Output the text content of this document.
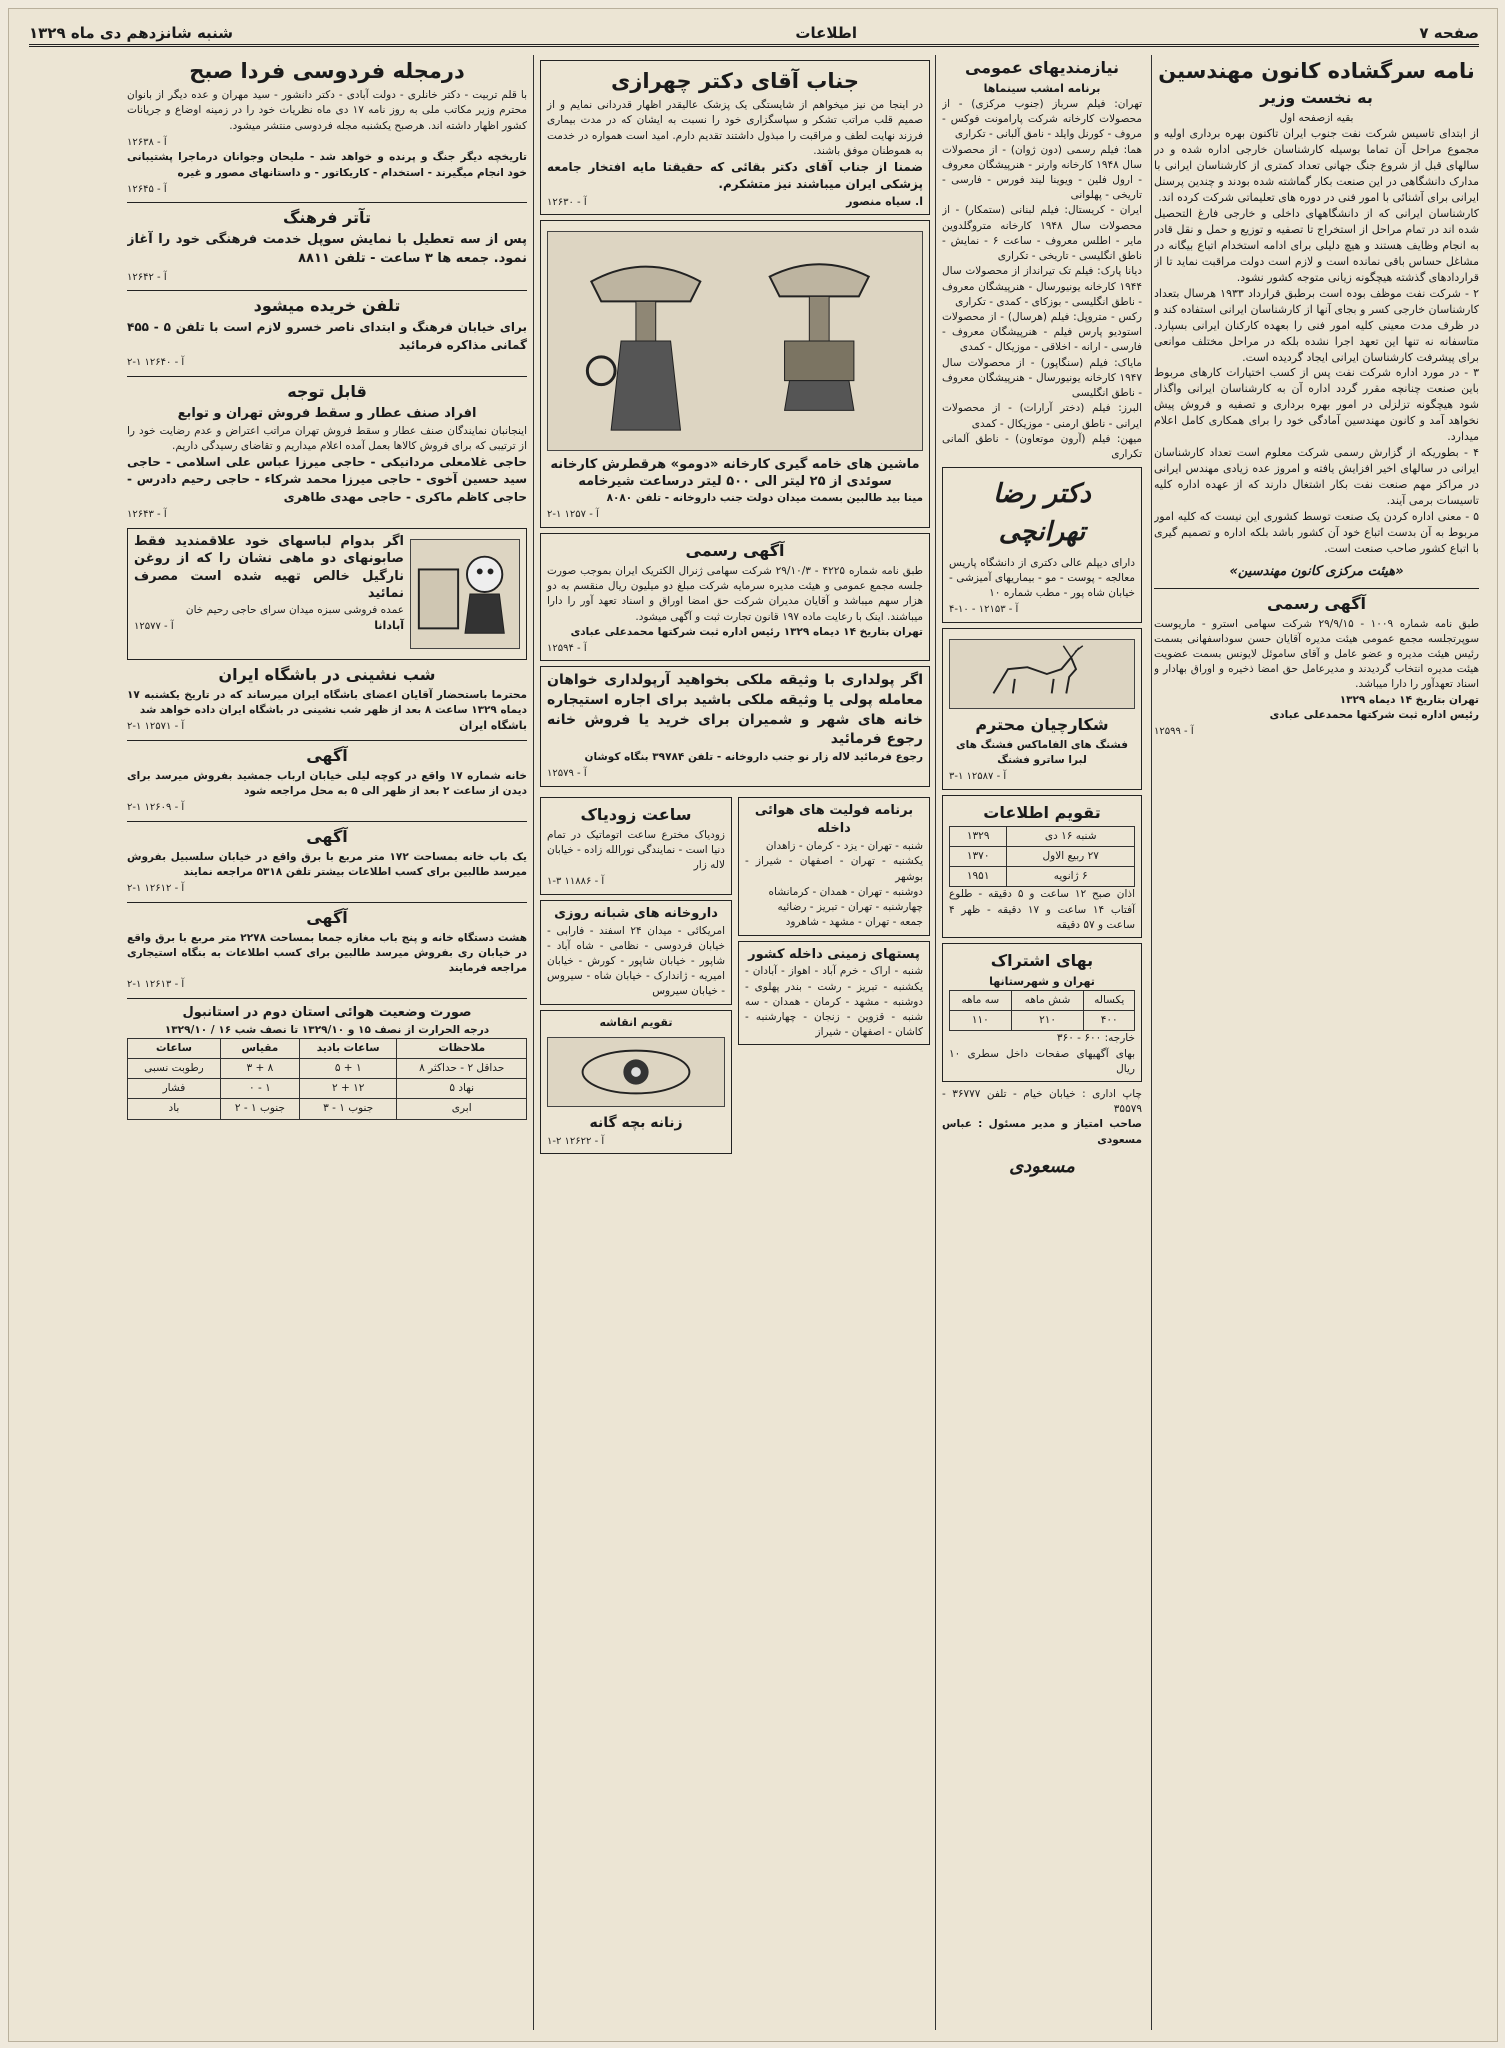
صفحه ۷
اطلاعات
شنبه شانزدهم دی ماه ۱۳۲۹
نامه سرگشاده کانون مهندسین
به نخست وزیر
بقیه ازصفحه اول

از ابتدای تاسیس شرکت نفت جنوب ایران تاکنون بهره برداری اولیه و مجموع مراحل آن تماما بوسیله کارشناسان خارجی اداره شده و در سالهای قبل از شروع جنگ جهانی تعداد کمتری از کارشناسان ایرانی با مدارک دانشگاهی در این صنعت بکار گماشته شده بودند و چندین پرسنل ایرانی برای آشنائی با امور فنی در دوره های تعلیماتی شرکت کرده اند.

کارشناسان ایرانی که از دانشگاههای داخلی و خارجی فارغ التحصیل شده اند در تمام مراحل از استخراج تا تصفیه و توزیع و حمل و نقل قادر به انجام وظایف هستند و هیچ دلیلی برای ادامه استخدام اتباع بیگانه در مشاغل حساس باقی نمانده است و لازم است دولت مراقبت نماید تا از قراردادهای گذشته هیچگونه زیانی متوجه کشور نشود.

۲ - شرکت نفت موظف بوده است برطبق قرارداد ۱۹۳۳ هرسال بتعداد کارشناسان خارجی کسر و بجای آنها از کارشناسان ایرانی استفاده کند و در ظرف مدت معینی کلیه امور فنی را بعهده کارکنان ایرانی بسپارد. متاسفانه نه تنها این تعهد اجرا نشده بلکه در مراحل مختلف موانعی برای پیشرفت کارشناسان ایرانی ایجاد گردیده است.

۳ - در مورد اداره شرکت نفت پس از کسب اختیارات کارهای مربوط باین صنعت چنانچه مقرر گردد اداره آن به کارشناسان ایرانی واگذار شود هیچگونه تزلزلی در امور بهره برداری و تصفیه و فروش پیش نخواهد آمد و کانون مهندسین آمادگی خود را برای همکاری کامل اعلام میدارد.

۴ - بطوریکه از گزارش رسمی شرکت معلوم است تعداد کارشناسان ایرانی در سالهای اخیر افزایش یافته و امروز عده زیادی مهندس ایرانی در مراکز مهم صنعت نفت بکار اشتغال دارند که از عهده اداره کلیه تاسیسات برمی آیند.

۵ - معنی اداره کردن یک صنعت توسط کشوری این نیست که کلیه امور مربوط به آن بدست اتباع خود آن کشور باشد بلکه اداره و تصمیم گیری با اتباع کشور صاحب صنعت است.

«هیئت مرکزی کانون مهندسین»
آگهی رسمی

طبق نامه شماره ۱۰۰۹ - ۲۹/۹/۱۵ شرکت سهامی استرو - ماریوست سوپرتجلسه مجمع عمومی هیئت مدیره آقایان حسن سوداسفهانی بسمت رئیس هیئت مدیره و عضو عامل و آقای ساموئل لایونس بسمت عضویت هیئت مدیره انتخاب گردیدند و مدیرعامل حق امضا ذخیره و اوراق بهادار و اسناد تعهدآور را دارا میباشد.

تهران بتاریخ ۱۴ دیماه ۱۳۲۹

رئیس اداره ثبت شرکتها محمدعلی عبادی

آ - ۱۲۵۹۹
نیازمندیهای عمومی
برنامه امشب سینماها

تهران: فیلم سرباز (جنوب مرکزی) - از محصولات کارخانه شرکت پارامونت فوکس - مروف - کورنل وایلد - نامق آلبانی - تکراری

هما: فیلم رسمی (دون ژوان) - از محصولات سال ۱۹۴۸ کارخانه وارنر - هنرپیشگان معروف - ارول فلین - ویوینا لیند فورس - فارسی - تاریخی - پهلوانی

ایران - کریستال: فیلم لبنانی (ستمکار) - از محصولات سال ۱۹۴۸ کارخانه متروگلدوین مایر - اطلس معروف - ساعت ۶ - نمایش - ناطق انگلیسی - تاریخی - تکراری

دیانا پارک: فیلم تک تیرانداز از محصولات سال ۱۹۴۴ کارخانه یونیورسال - هنرپیشگان معروف - ناطق انگلیسی - بوزکای - کمدی - تکراری

رکس - متروپل: فیلم (هرسال) - از محصولات استودیو پارس فیلم - هنرپیشگان معروف - فارسی - ارانه - اخلاقی - موزیکال - کمدی

مایاک: فیلم (سنگاپور) - از محصولات سال ۱۹۴۷ کارخانه یونیورسال - هنرپیشگان معروف - ناطق انگلیسی

البرز: فیلم (دختر آرارات) - از محصولات ایرانی - ناطق ارمنی - موزیکال - کمدی

میهن: فیلم (آرون موتعاون) - ناطق آلمانی تکراری

دکتر رضا تهرانچی

دارای دیپلم عالی دکتری از دانشگاه پاریس معالجه - پوست - مو - بیماریهای آمیزشی - خیابان شاه پور - مطب شماره ۱۰

آ - ۱۲۱۵۳ - ۱۰-۴
شکارچیان محترم

فشنگ های الفاماکس فشنگ های لبرا ساترو فشنگ

آ - ۱۲۵۸۷ ۱-۳
تقویم اطلاعات
شنبه ۱۶ دی	۱۳۲۹
۲۷ ربیع الاول	۱۳۷۰
۶ ژانویه	۱۹۵۱

اذان صبح ۱۲ ساعت و ۵ دقیقه - طلوع آفتاب ۱۴ ساعت و ۱۷ دقیقه - ظهر ۴ ساعت و ۵۷ دقیقه

بهای اشتراک
تهران و شهرستانها
یکساله	شش ماهه	سه ماهه
۴۰۰	۲۱۰	۱۱۰

خارجه: ۶۰۰ - ۳۶۰

بهای آگهیهای صفحات داخل سطری ۱۰ ریال

چاپ اداری : خیابان خیام - تلفن ۳۶۷۷۷ - ۳۵۵۷۹

صاحب امتیاز و مدیر مسئول : عباس مسعودی

مسعودی
جناب آقای دکتر چهرازی

در اینجا من نیز میخواهم از شایستگی یک پزشک عالیقدر اظهار قدردانی نمایم و از صمیم قلب مراتب تشکر و سپاسگزاری خود را نسبت به ایشان که در مدت بیماری فرزند نهایت لطف و مراقبت را مبذول داشتند تقدیم دارم. امید است همواره در خدمت به هموطنان موفق باشند.

ضمنا از جناب آقای دکتر بقائی که حقیقتا مایه افتخار جامعه پزشکی ایران میباشند نیز متشکرم.

ا. سیاه منصور
آ - ۱۲۶۳۰
ماشین های خامه گیری کارخانه «دومو» هرقطرش کارخانه سوئدی از ۲۵ لیتر الی ۵۰۰ لیتر درساعت شیرخامه

مینا بید طالبین بسمت میدان دولت جنب داروخانه - تلفن ۸۰۸۰

آ - ۱۲۵۷ ۱-۲
آگهی رسمی

طبق نامه شماره ۴۲۲۵ - ۲۹/۱۰/۳ شرکت سهامی ژنرال الکتریک ایران بموجب صورت جلسه مجمع عمومی و هیئت مدیره سرمایه شرکت مبلغ دو میلیون ریال منقسم به دو هزار سهم میباشد و آقایان مدیران شرکت حق امضا اوراق و اسناد تعهد آور را دارا میباشند. اینک با رعایت ماده ۱۹۷ قانون تجارت ثبت و آگهی میشود.

تهران بتاریخ ۱۴ دیماه ۱۳۲۹ رئیس اداره ثبت شرکتها محمدعلی عبادی

آ - ۱۲۵۹۴

اگر پولداری با وثیقه ملکی بخواهید آرپولداری خواهان معامله پولی یا وثیقه ملکی باشید برای اجاره استیجاره خانه های شهر و شمیران برای خرید یا فروش خانه رجوع فرمائید

رجوع فرمائید لاله زار نو جنب داروخانه - تلفن ۳۹۷۸۴ بنگاه کوشان

آ - ۱۲۵۷۹
برنامه فولیت های هوائی داخله

شنبه - تهران - یزد - کرمان - زاهدان

یکشنبه - تهران - اصفهان - شیراز - بوشهر

دوشنبه - تهران - همدان - کرمانشاه

چهارشنبه - تهران - تبریز - رضائیه

جمعه - تهران - مشهد - شاهرود

پستهای زمینی داخله کشور

شنبه - اراک - خرم آباد - اهواز - آبادان - یکشنبه - تبریز - رشت - بندر پهلوی - دوشنبه - مشهد - کرمان - همدان - سه شنبه - قزوین - زنجان - چهارشنبه - کاشان - اصفهان - شیراز

ساعت زودیاک

زودیاک مخترع ساعت اتوماتیک در تمام دنیا است - نمایندگی نورالله زاده - خیابان لاله زار

آ - ۱۱۸۸۶ ۳-۱
داروخانه های شبانه روزی

امریکائی - میدان ۲۴ اسفند - فارابی - خیابان فردوسی - نظامی - شاه آباد - شاپور - خیابان شاپور - کورش - خیابان امیریه - ژاندارک - خیابان شاه - سیروس - خیابان سیروس

تقویم انقاشه
زنانه بچه گانه
آ - ۱۲۶۲۲ ۲-۱
درمجله فردوسی فردا صبح

با قلم تربیت - دکتر خانلری - دولت آبادی - دکتر دانشور - سید مهران و عده دیگر از بانوان محترم وزیر مکاتب ملی به روز نامه ۱۷ دی ماه نظریات خود را در زمینه اوضاع و جریانات کشور اظهار داشته اند. هرصبح یکشنبه مجله فردوسی منتشر میشود.

آ - ۱۲۶۳۸

تاریخچه دیگر جنگ و پرنده و خواهد شد - ملیحان وجوانان درماجرا پشتیبانی خود انجام میگیرند - استخدام - کاریکاتور - و داستانهای مصور و غیره

آ - ۱۲۶۴۵
تآتر فرهنگ

پس از سه تعطیل با نمایش سوپل خدمت فرهنگی خود را آغاز نمود. جمعه ها ۳ ساعت - تلفن ۸۸۱۱

آ - ۱۲۶۴۲
تلفن خریده میشود

برای خیابان فرهنگ و ابتدای ناصر خسرو لازم است با تلفن ۵ - ۴۵۵ گمانی مذاکره فرمائید

آ - ۱۲۶۴۰ ۱-۲
قابل توجه
افراد صنف عطار و سقط فروش تهران و توابع

اینجانبان نمایندگان صنف عطار و سقط فروش تهران مراتب اعتراض و عدم رضایت خود را از ترتیبی که برای فروش کالاها بعمل آمده اعلام میداریم و تقاضای رسیدگی داریم.

حاجی غلامعلی مردانیکی - حاجی میرزا عباس علی اسلامی - حاجی سید حسین آخوی - حاجی میرزا محمد شرکاء - حاجی رحیم دادرس - حاجی کاظم ماکری - حاجی مهدی طاهری

آ - ۱۲۶۴۳

اگر بدوام لباسهای خود علاقمندید فقط صابونهای دو ماهی نشان را که از روغن نارگیل خالص تهیه شده است مصرف نمائید

عمده فروشی سبزه میدان سرای حاجی رحیم خان

آبادانا
آ - ۱۲۵۷۷
شب نشینی در باشگاه ایران

محترما باستحضار آقایان اعضای باشگاه ایران میرساند که در تاریخ یکشنبه ۱۷ دیماه ۱۳۲۹ ساعت ۸ بعد از ظهر شب نشینی در باشگاه ایران داده خواهد شد

باشگاه ایران
آ - ۱۲۵۷۱ ۱-۲
آگهی

خانه شماره ۱۷ واقع در کوچه لیلی خیابان ارباب جمشید بفروش میرسد برای دیدن از ساعت ۲ بعد از ظهر الی ۵ به محل مراجعه شود

آ - ۱۲۶۰۹ ۱-۲
آگهی

یک باب خانه بمساحت ۱۷۲ متر مربع با برق واقع در خیابان سلسبیل بفروش میرسد طالبین برای کسب اطلاعات بیشتر تلفن ۵۳۱۸ مراجعه نمایند

آ - ۱۲۶۱۲ ۱-۲
آگهی

هشت دستگاه خانه و پنج باب مغازه جمعا بمساحت ۲۲۷۸ متر مربع با برق واقع در خیابان ری بفروش میرسد طالبین برای کسب اطلاعات به بنگاه استیجاری مراجعه فرمایند

آ - ۱۲۶۱۳ ۱-۲
صورت وضعیت هوائی استان دوم در استانبول
درجه الحرارت از نصف ۱۵ و ۱۳۲۹/۱۰ تا نصف شب ۱۶ / ۱۳۲۹/۱۰
ملاحظات	ساعات بادید	مقیاس	ساعات
حداقل ۲ - حداکثر ۸	۱ + ۵	۸ + ۳	رطوبت نسبی
نهاد ۵	۱۲ + ۲	۱ - ۰	فشار
ابری	جنوب ۱ - ۳	جنوب ۱ - ۲	باد
